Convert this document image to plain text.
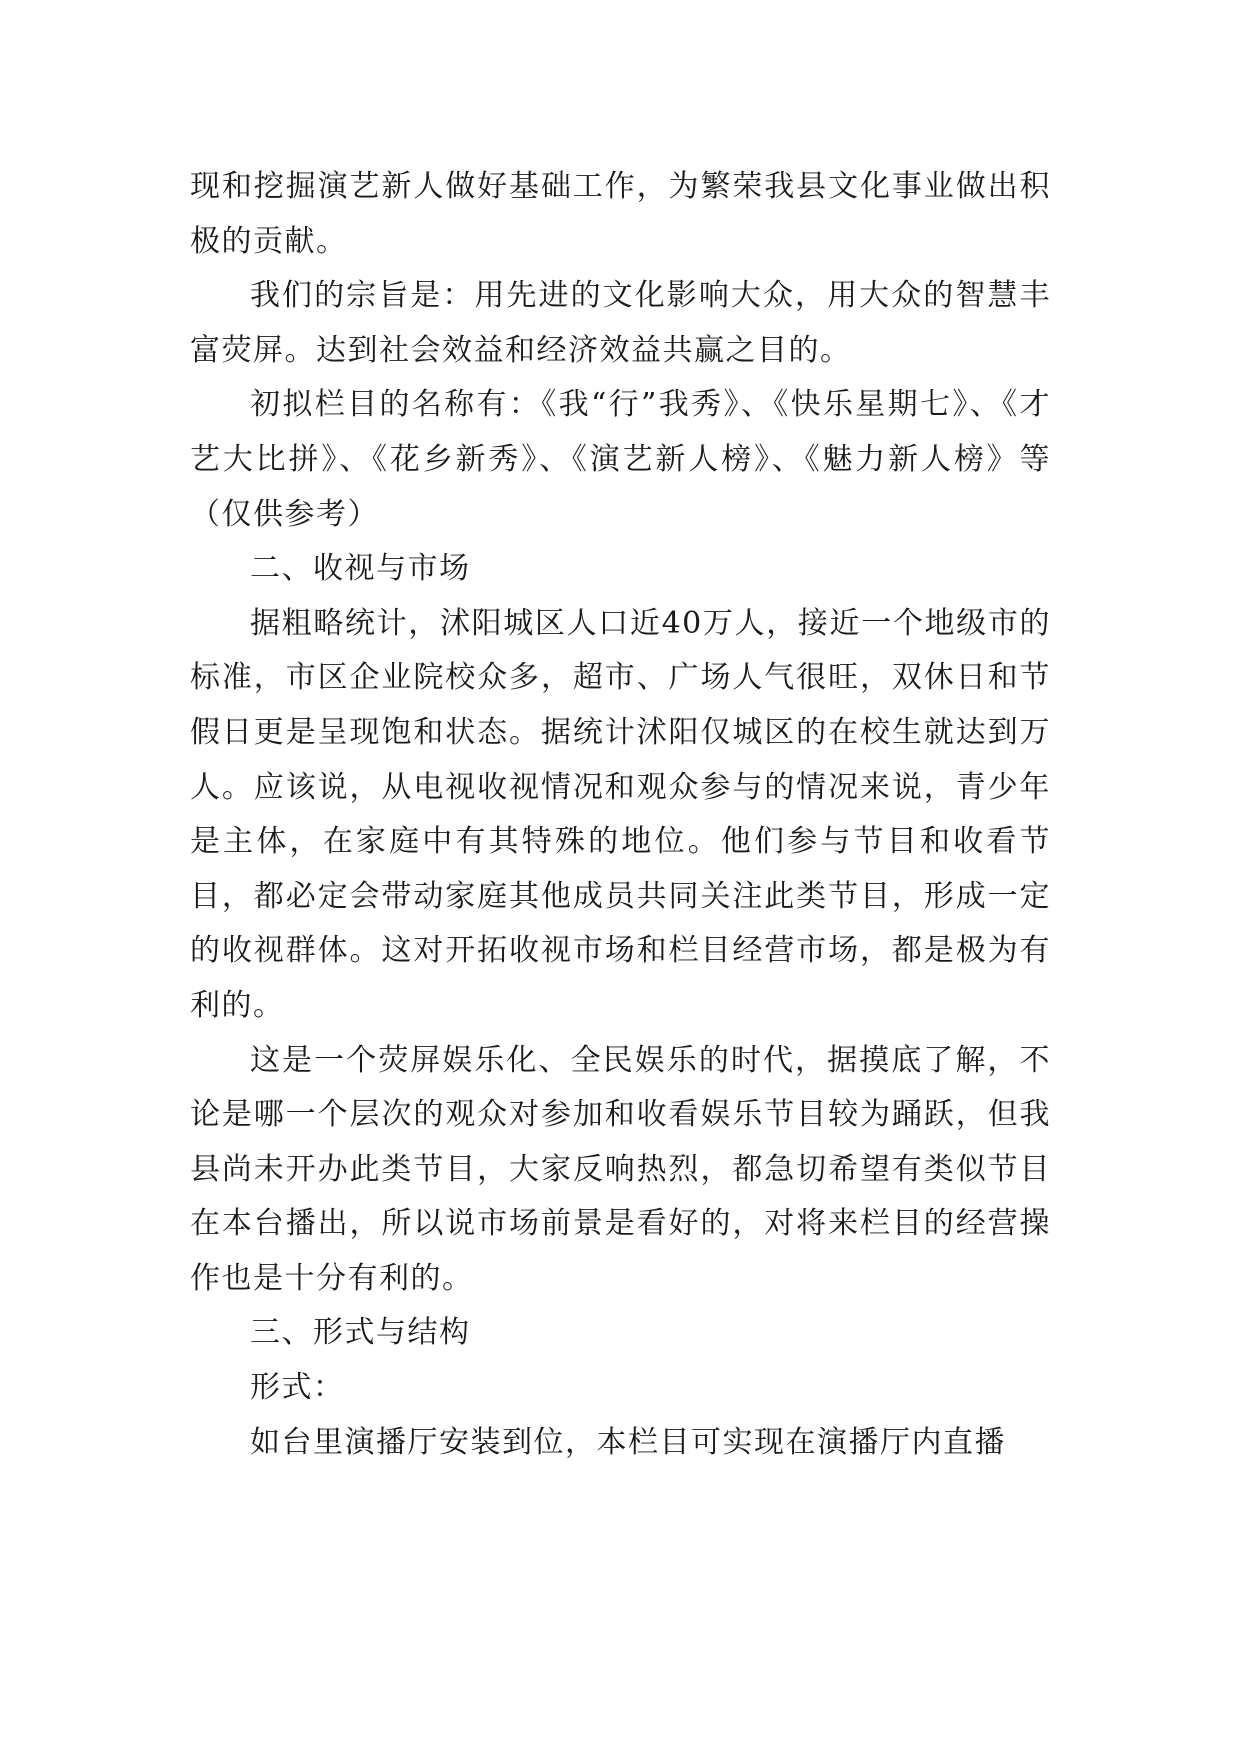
现和挖掘演艺新人做好基础工作，为繁荣我县文化事业做出积极的贡献。

我们的宗旨是：用先进的文化影响大众，用大众的智慧丰富荧屏。达到社会效益和经济效益共赢之目的。

初拟栏目的名称有：《我“行”我秀》、《快乐星期七》、《才艺大比拼》、《花乡新秀》、《演艺新人榜》、《魅力新人榜》等（仅供参考）

二、收视与市场

据粗略统计，沭阳城区人口近40万人，接近一个地级市的标准，市区企业院校众多，超市、广场人气很旺，双休日和节假日更是呈现饱和状态。据统计沭阳仅城区的在校生就达到万人。应该说，从电视收视情况和观众参与的情况来说，青少年是主体，在家庭中有其特殊的地位。他们参与节目和收看节目，都必定会带动家庭其他成员共同关注此类节目，形成一定的收视群体。这对开拓收视市场和栏目经营市场，都是极为有利的。

这是一个荧屏娱乐化、全民娱乐的时代，据摸底了解，不论是哪一个层次的观众对参加和收看娱乐节目较为踊跃，但我县尚未开办此类节目，大家反响热烈，都急切希望有类似节目在本台播出，所以说市场前景是看好的，对将来栏目的经营操作也是十分有利的。

三、形式与结构

形式：

如台里演播厅安装到位，本栏目可实现在演播厅内直播
